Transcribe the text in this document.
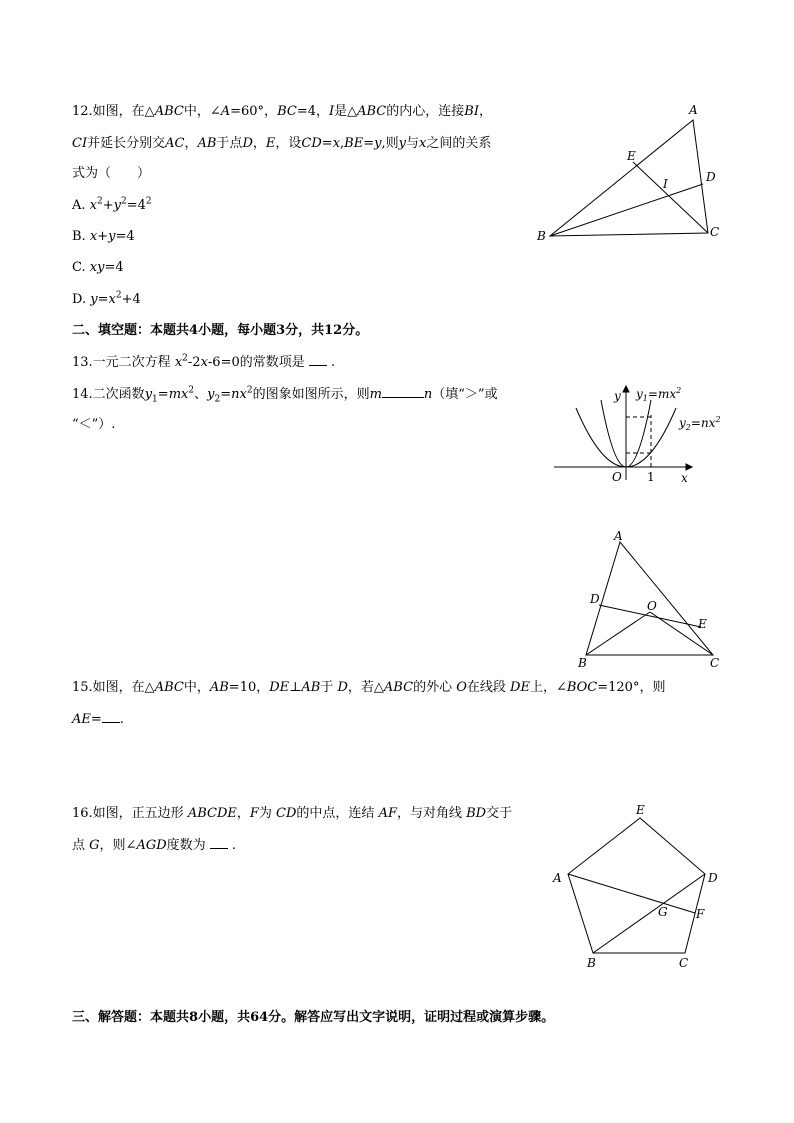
12.如图，在△ABC中，∠A=60°，BC=4，I是△ABC的内心，连接BI，
CI并延长分别交AC，AB于点D，E，设CD=x,BE=y,则y与x之间的关系
式为（　　）
A. $x^2+y^2=4^2$
B. x+y=4
C. xy=4
D. $y=x^2+4$
A
B	C
D
E
I
二、填空题：本题共4小题，每小题3分，共12分。
13.一元二次方程 $x^2-2x-6=0$的常数项是  .
14.二次函数$y_1=mx^2$、$y_2=nx^2$的图象如图所示，则m	n（填“＞”或
“＜”）.
y
x
O 1
$y_1=mx^2$
$y_2=nx^2$
A
B	C
D
E
O
15.如图，在△ABC中，AB=10，DE⊥AB于 D，若△ABC的外心 O在线段 DE上，∠BOC=120°，则
AE= .
16.如图，正五边形 ABCDE，F为 CD的中点，连结 AF，与对角线 BD交于
点 G，则∠AGD度数为  .
E
A	D
F
G
B	C
三、解答题：本题共8小题，共64分。解答应写出文字说明，证明过程或演算步骤。
